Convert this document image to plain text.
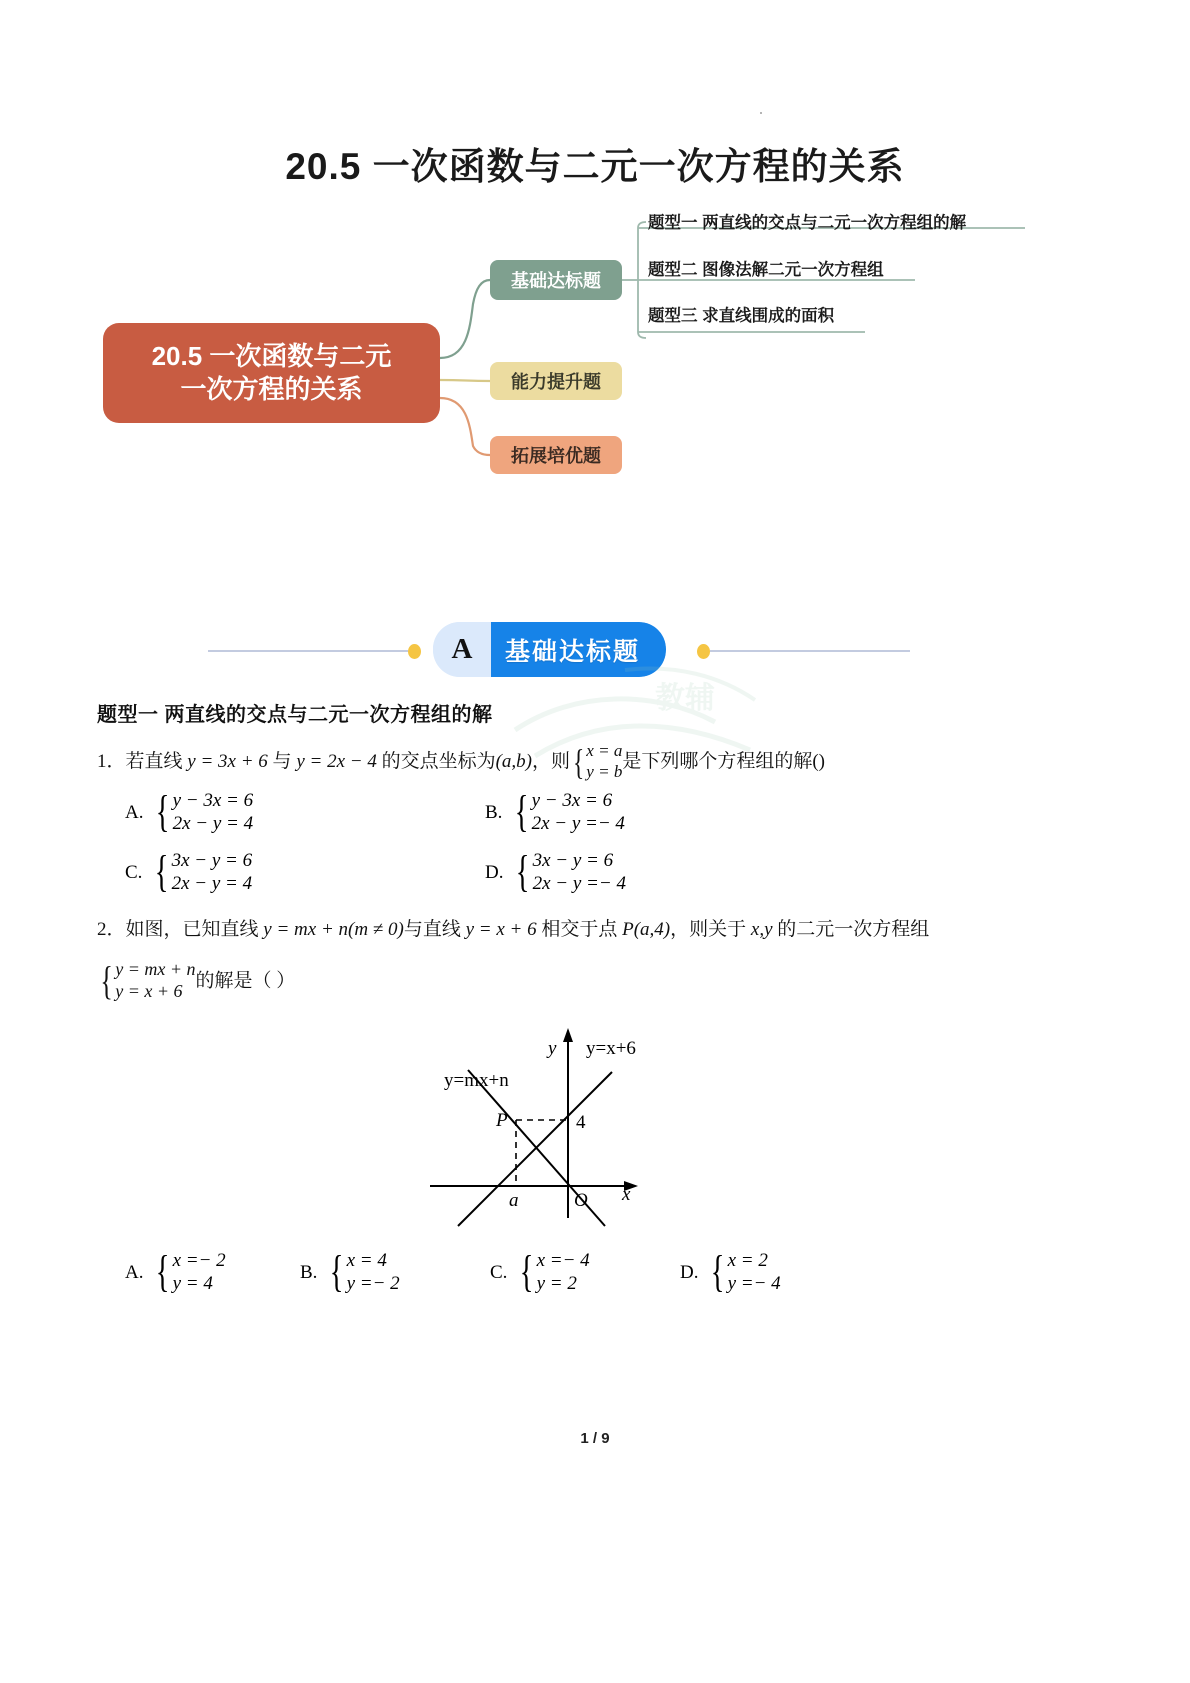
20.5 一次函数与二元一次方程的关系
20.5 一次函数与二元
一次方程的关系
基础达标题
能力提升题
拓展培优题
题型一 两直线的交点与二元一次方程组的解
题型二 图像法解二元一次方程组
题型三 求直线围成的面积
A	基础达标题
教辅
题型一 两直线的交点与二元一次方程组的解
1．若直线 y = 3x + 6 与 y = 2x − 4 的交点坐标为(a,b)，则 { x = a
y = b 是下列哪个方程组的解()
A. { y − 3x = 6
2x − y = 4
B. { y − 3x = 6
2x − y =− 4
C. { 3x − y = 6
2x − y = 4
D. { 3x − y = 6
2x − y =− 4
2．如图，已知直线 y = mx + n(m ≠ 0)与直线 y = x + 6 相交于点 P(a,4)，则关于 x,y 的二元一次方程组
{ y = mx + n
y = x + 6 的解是（ ）
y
x
O
y=x+6
y=mx+n
P	4
a
A. { x =− 2
y = 4
B. { x = 4
y =− 2
C. { x =− 4
y = 2
D. { x = 2
y =− 4
1 / 9
